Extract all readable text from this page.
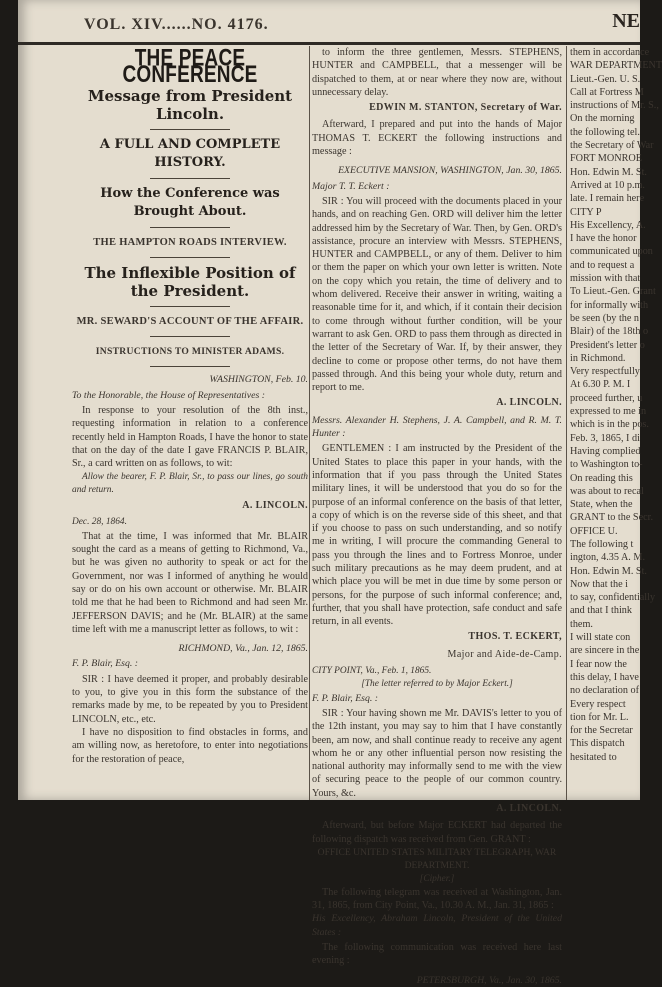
VOL. XIV......NO. 4176.	NE
THE PEACE CONFERENCE
Message from President Lincoln.
A FULL AND COMPLETE HISTORY.
How the Conference was Brought About.
THE HAMPTON ROADS INTERVIEW.
The Inflexible Position of the President.
MR. SEWARD'S ACCOUNT OF THE AFFAIR.
INSTRUCTIONS TO MINISTER ADAMS.
WASHINGTON, Feb. 10.
To the Honorable, the House of Representatives :

In response to your resolution of the 8th inst., requesting information in relation to a conference recently held in Hampton Roads, I have the honor to state that on the day of the date I gave FRANCIS P. BLAIR, Sr., a card written on as follows, to wit:

Allow the bearer, F. P. Blair, Sr., to pass our lines, go south and return.

A. LINCOLN.
Dec. 28, 1864.

That at the time, I was informed that Mr. BLAIR sought the card as a means of getting to Richmond, Va., but he was given no authority to speak or act for the Government, nor was I informed of anything he would say or do on his own account or otherwise. Mr. BLAIR told me that he had been to Richmond and had seen Mr. JEFFERSON DAVIS; and he (Mr. BLAIR) at the same time left with me a manuscript letter as follows, to wit :

RICHMOND, Va., Jan. 12, 1865.
F. P. Blair, Esq. :

SIR : I have deemed it proper, and probably desirable to you, to give you in this form the substance of the remarks made by me, to be repeated by you to President LINCOLN, etc., etc.

I have no disposition to find obstacles in forms, and am willing now, as heretofore, to enter into negotiations for the restoration of peace,

to inform the three gentlemen, Messrs. STEPHENS, HUNTER and CAMPBELL, that a messenger will be dispatched to them, at or near where they now are, without unnecessary delay.

EDWIN M. STANTON, Secretary of War.

Afterward, I prepared and put into the hands of Major THOMAS T. ECKERT the following instructions and message :

EXECUTIVE MANSION, WASHINGTON, Jan. 30, 1865.
Major T. T. Eckert :

SIR : You will proceed with the documents placed in your hands, and on reaching Gen. ORD will deliver him the letter addressed him by the Secretary of War. Then, by Gen. ORD's assistance, procure an interview with Messrs. STEPHENS, HUNTER and CAMPBELL, or any of them. Deliver to him or them the paper on which your own letter is written. Note on the copy which you retain, the time of delivery and to whom delivered. Receive their answer in writing, waiting a reasonable time for it, and which, if it contain their decision to come through without further condition, will be your warrant to ask Gen. ORD to pass them through as directed in the letter of the Secretary of War. If, by their answer, they decline to come or propose other terms, do not have them passed through. And this being your whole duty, return and report to me.

A. LINCOLN.
Messrs. Alexander H. Stephens, J. A. Campbell, and R. M. T. Hunter :

GENTLEMEN : I am instructed by the President of the United States to place this paper in your hands, with the information that if you pass through the United States military lines, it will be understood that you do so for the purpose of an informal conference on the basis of that letter, a copy of which is on the reverse side of this sheet, and that if you choose to pass on such understanding, and so notify me in writing, I will procure the commanding General to pass you through the lines and to Fortress Monroe, under such military precautions as he may deem prudent, and at which place you will be met in due time by some person or persons, for the purpose of such informal conference; and, further, that you shall have protection, safe conduct and safe return, in all events.

THOS. T. ECKERT,
Major and Aide-de-Camp.
CITY POINT, Va., Feb. 1, 1865.
[The letter referred to by Major Eckert.]
F. P. Blair, Esq. :

SIR : Your having shown me Mr. DAVIS's letter to you of the 12th instant, you may say to him that I have constantly been, am now, and shall continue ready to receive any agent whom he or any other influential person now resisting the national authority may informally send to me with the view of securing peace to the people of our common country. Yours, &c.

A. LINCOLN.

Afterward, but before Major ECKERT had departed the following dispatch was received from Gen. GRANT :

OFFICE UNITED STATES MILITARY TELEGRAPH, WAR DEPARTMENT.
[Cipher.]

The following telegram was received at Washington, Jan. 31, 1865, from City Point, Va., 10.30 A. M., Jan. 31, 1865 :

His Excellency, Abraham Lincoln, President of the United States :

The following communication was received here last evening :

PETERSBURGH, Va., Jan. 30, 1865.

them in accordance

WAR DEPARTMENT

Lieut.-Gen. U. S.

Call at Fortress M

instructions of Mr. S.,

On the morning

the following tel.

the Secretary of War

FORT MONROE

Hon. Edwin M. St.

Arrived at 10 p.m.

late. I remain here

CITY P

His Excellency, A.

I have the honor

communicated upon

and to request a

mission with that

To Lieut.-Gen. Grant

for informally with

be seen (by the n

Blair) of the 18th o

President's letter o

in Richmond.

Very respectfully

At 6.30 P. M. I

proceed further, u

expressed to me in

which is in the pos.

Feb. 3, 1865, I di

Having complied

to Washington to-

On reading this

was about to recal

State, when the

GRANT to the Secr.

OFFICE U.

The following t

ington, 4.35 A. M.

Hon. Edwin M. St.

Now that the i

to say, confidentially

and that I think

them.

I will state con

are sincere in the

I fear now the

this delay, I have

no declaration of

Every respect

tion for Mr. L.

for the Secretar

This dispatch

hesitated to
